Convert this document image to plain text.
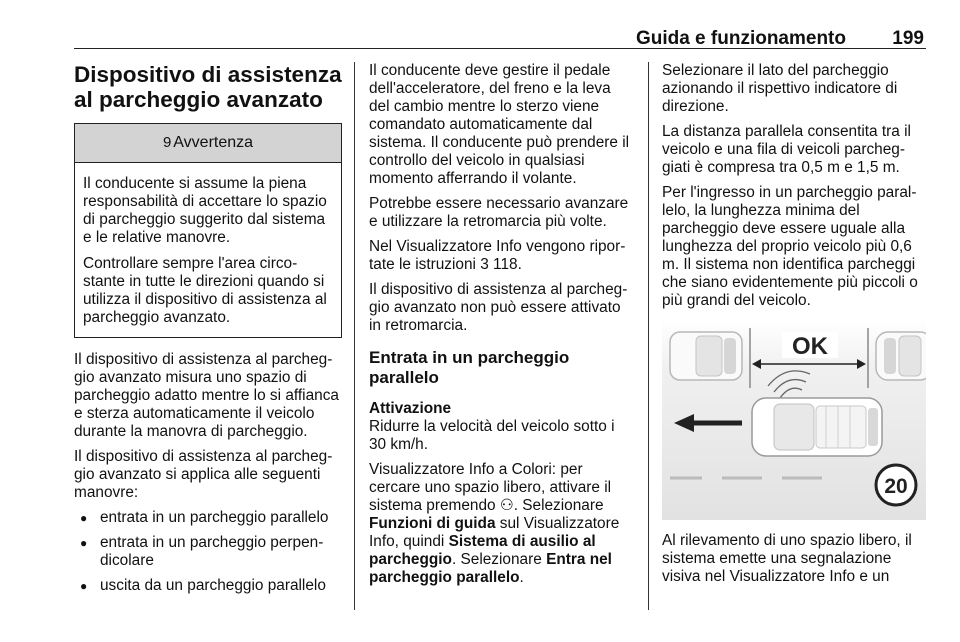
Guida e funzionamento 199
Dispositivo di assistenza al parcheggio avanzato
9 Avvertenza

Il conducente si assume la piena responsabilità di accettare lo spazio di parcheggio suggerito dal sistema e le relative manovre.

Controllare sempre l'area circostante in tutte le direzioni quando si utilizza il dispositivo di assistenza al parcheggio avanzato.

Il dispositivo di assistenza al parcheggio avanzato misura uno spazio di parcheggio adatto mentre lo si affianca e sterza automaticamente il veicolo durante la manovra di parcheggio.

Il dispositivo di assistenza al parcheggio avanzato si applica alle seguenti manovre:

● entrata in un parcheggio parallelo
● entrata in un parcheggio perpendicolare
● uscita da un parcheggio parallelo

Il conducente deve gestire il pedale dell'acceleratore, del freno e la leva del cambio mentre lo sterzo viene comandato automaticamente dal sistema. Il conducente può prendere il controllo del veicolo in qualsiasi momento afferrando il volante.

Potrebbe essere necessario avanzare e utilizzare la retromarcia più volte.

Nel Visualizzatore Info vengono riportate le istruzioni 3 118.

Il dispositivo di assistenza al parcheggio avanzato non può essere attivato in retromarcia.

Entrata in un parcheggio parallelo
Attivazione

Ridurre la velocità del veicolo sotto i 30 km/h.

Visualizzatore Info a Colori: per cercare uno spazio libero, attivare il sistema premendo ⚇. Selezionare Funzioni di guida sul Visualizzatore Info, quindi Sistema di ausilio al parcheggio. Selezionare Entra nel parcheggio parallelo.

Selezionare il lato del parcheggio azionando il rispettivo indicatore di direzione.

La distanza parallela consentita tra il veicolo e una fila di veicoli parcheggiati è compresa tra 0,5 m e 1,5 m.

Per l'ingresso in un parcheggio parallelo, la lunghezza minima del parcheggio deve essere uguale alla lunghezza del proprio veicolo più 0,6 m. Il sistema non identifica parcheggi che siano evidentemente più piccoli o più grandi del veicolo.

OK
20

Al rilevamento di uno spazio libero, il sistema emette una segnalazione visiva nel Visualizzatore Info e un
